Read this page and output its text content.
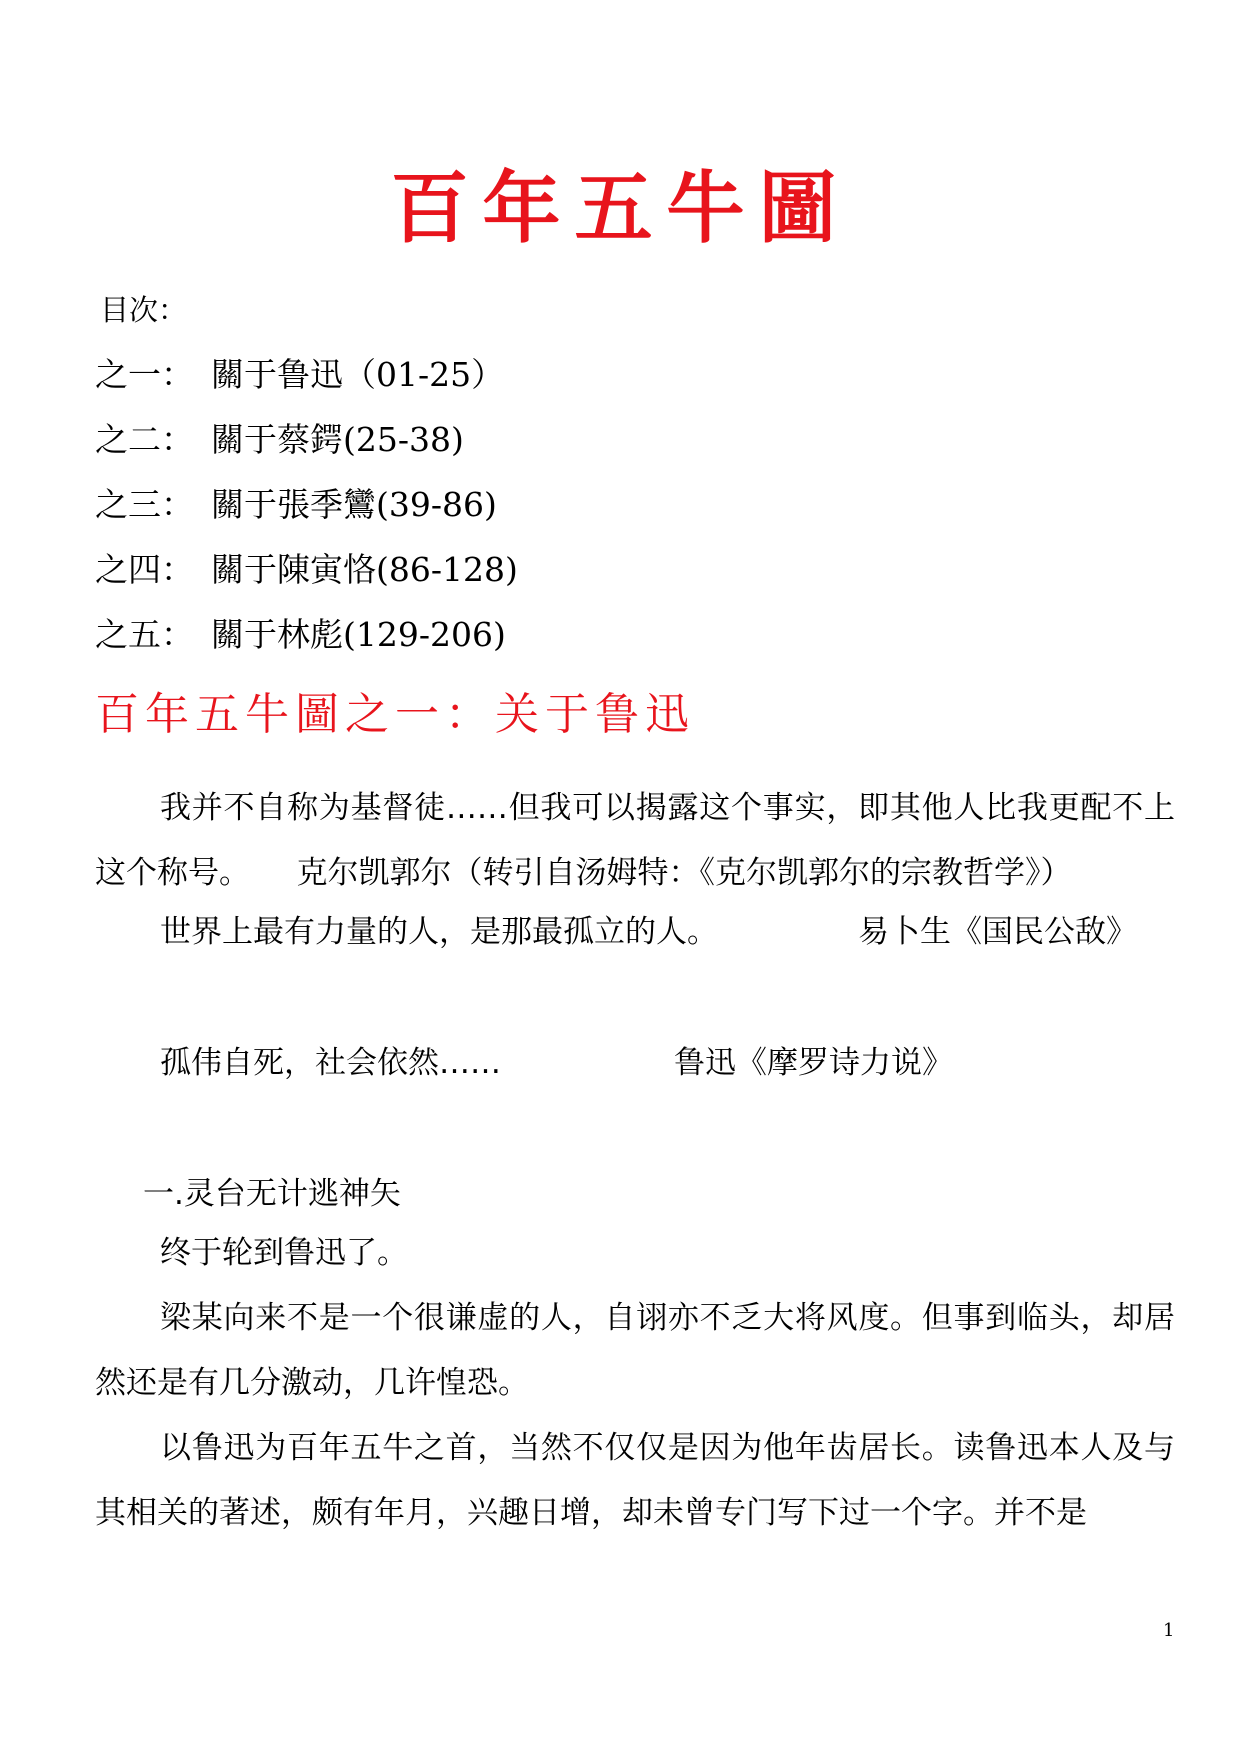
百年五牛圖
目次：
之一： 關于鲁迅（01-25）
之二： 關于蔡鍔(25-38)
之三： 關于張季鸞(39-86)
之四： 關于陳寅恪(86-128)
之五： 關于林彪(129-206)
百年五牛圖之一：关于鲁迅
我并不自称为基督徒……但我可以揭露这个事实，即其他人比我更配不上这个称号。　　克尔凯郭尔（转引自汤姆特：《克尔凯郭尔的宗教哲学》）
世界上最有力量的人，是那最孤立的人。	易卜生《国民公敌》
孤伟自死，社会依然……	鲁迅《摩罗诗力说》
一.灵台无计逃神矢
终于轮到鲁迅了。
梁某向来不是一个很谦虚的人，自诩亦不乏大将风度。但事到临头，却居然还是有几分激动，几许惶恐。
以鲁迅为百年五牛之首，当然不仅仅是因为他年齿居长。读鲁迅本人及与其相关的著述，颇有年月，兴趣日增，却未曾专门写下过一个字。并不是
1
